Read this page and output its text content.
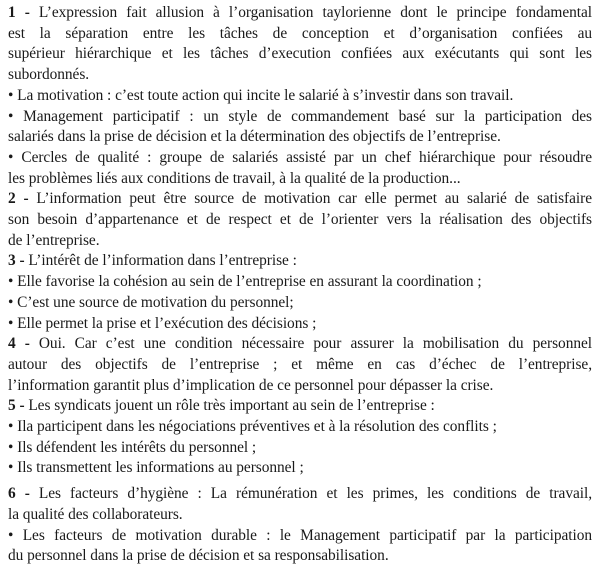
1 ‑ L’expression fait allusion à l’organisation taylorienne dont le principe fondamental
est la séparation entre les tâches de conception et d’organisation confiées au
supérieur hiérarchique et les tâches d’execution confiées aux exécutants qui sont les
subordonnés.
• La motivation : c’est toute action qui incite le salarié à s’investir dans son travail.
• Management participatif : un style de commandement basé sur la participation des
salariés dans la prise de décision et la détermination des objectifs de l’entreprise.
• Cercles de qualité : groupe de salariés assisté par un chef hiérarchique pour résoudre
les problèmes liés aux conditions de travail, à la qualité de la production...
2 ‑ L’information peut être source de motivation car elle permet au salarié de satisfaire
son besoin d’appartenance et de respect et de l’orienter vers la réalisation des objectifs
de l’entreprise.
3 ‑ L’intérêt de l’information dans l’entreprise :
• Elle favorise la cohésion au sein de l’entreprise en assurant la coordination ;
• C’est une source de motivation du personnel;
• Elle permet la prise et l’exécution des décisions ;
4 ‑ Oui. Car c’est une condition nécessaire pour assurer la mobilisation du personnel
autour des objectifs de l’entreprise ; et même en cas d’échec de l’entreprise,
l’information garantit plus d’implication de ce personnel pour dépasser la crise.
5 ‑ Les syndicats jouent un rôle très important au sein de l’entreprise :
• Ila participent dans les négociations préventives et à la résolution des conflits ;
• Ils défendent les intérêts du personnel ;
• Ils transmettent les informations au personnel ;
6 ‑ Les facteurs d’hygiène : La rémunération et les primes, les conditions de travail,
la qualité des collaborateurs.
• Les facteurs de motivation durable : le Management participatif par la participation
du personnel dans la prise de décision et sa responsabilisation.
